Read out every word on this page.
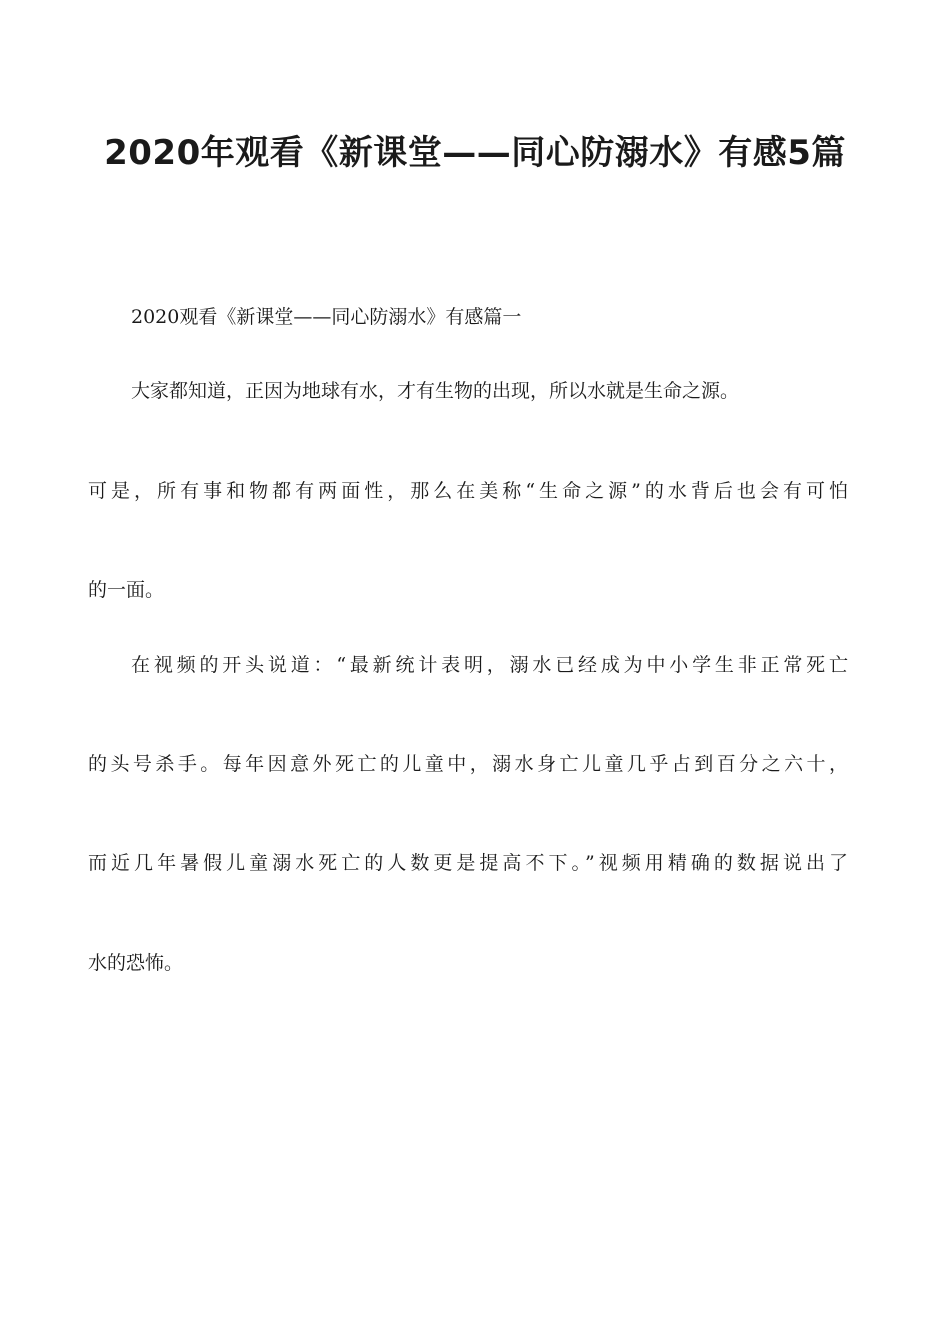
2020年观看《新课堂——同心防溺水》有感5篇
2020观看《新课堂——同心防溺水》有感篇一
大家都知道，正因为地球有水，才有生物的出现，所以水就是生命之源。
可是，所有事和物都有两面性，那么在美称“生命之源”的水背后也会有可怕
的一面。
在视频的开头说道：“最新统计表明，溺水已经成为中小学生非正常死亡
的头号杀手。每年因意外死亡的儿童中，溺水身亡儿童几乎占到百分之六十，
而近几年暑假儿童溺水死亡的人数更是提高不下。”视频用精确的数据说出了
水的恐怖。
